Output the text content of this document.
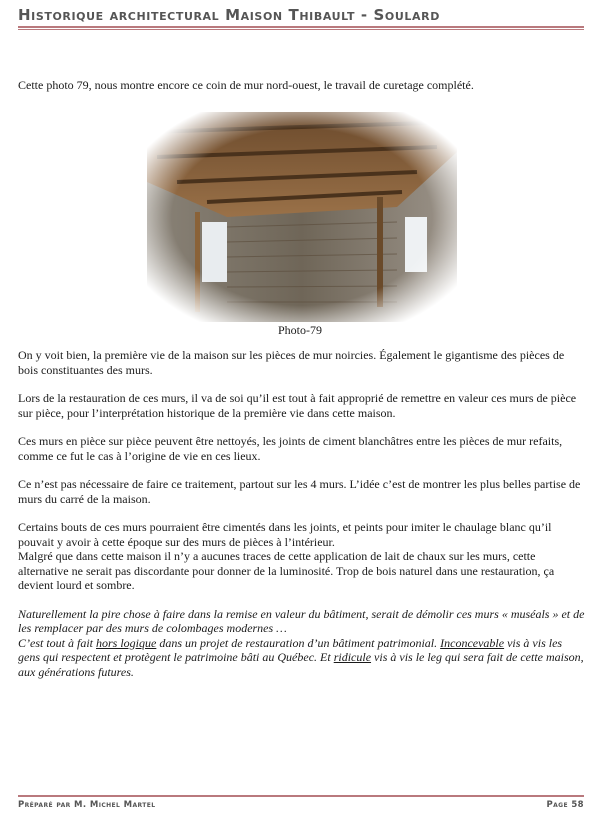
Historique architectural Maison Thibault - Soulard
Cette photo 79, nous montre encore ce coin de mur nord-ouest, le travail de curetage complété.
Photo-79

On y voit bien, la première vie de la maison sur les pièces de mur noircies. Également le gigantisme des pièces de bois constituantes des murs.

Lors de la restauration de ces murs, il va de soi qu’il est tout à fait approprié de remettre en valeur ces murs de pièce sur pièce, pour l’interprétation historique de la première vie dans cette maison.

Ces murs en pièce sur pièce peuvent être nettoyés, les joints de ciment blanchâtres entre les pièces de mur refaits, comme ce fut le cas à l’origine de vie en ces lieux.

Ce n’est pas nécessaire de faire ce traitement, partout sur les 4 murs. L’idée c’est de montrer les plus belles partise de murs du carré de la maison.

Certains bouts de ces murs pourraient être cimentés dans les joints, et peints pour imiter le chaulage blanc qu’il pouvait y avoir à cette époque sur des murs de pièces à l’intérieur.

Malgré que dans cette maison il n’y a aucunes traces de cette application de lait de chaux sur les murs, cette alternative ne serait pas discordante pour donner de la luminosité. Trop de bois naturel dans une restauration, ça devient lourd et sombre.

Naturellement la pire chose à faire dans la remise en valeur du bâtiment, serait de démolir ces murs « muséals » et de les remplacer par des murs de colombages modernes …

C’est tout à fait hors logique dans un projet de restauration d’un bâtiment patrimonial. Inconcevable vis à vis les gens qui respectent et protègent le patrimoine bâti au Québec. Et ridicule vis à vis le leg qui sera fait de cette maison, aux générations futures.

Préparé par M. Michel Martel	Page 58
